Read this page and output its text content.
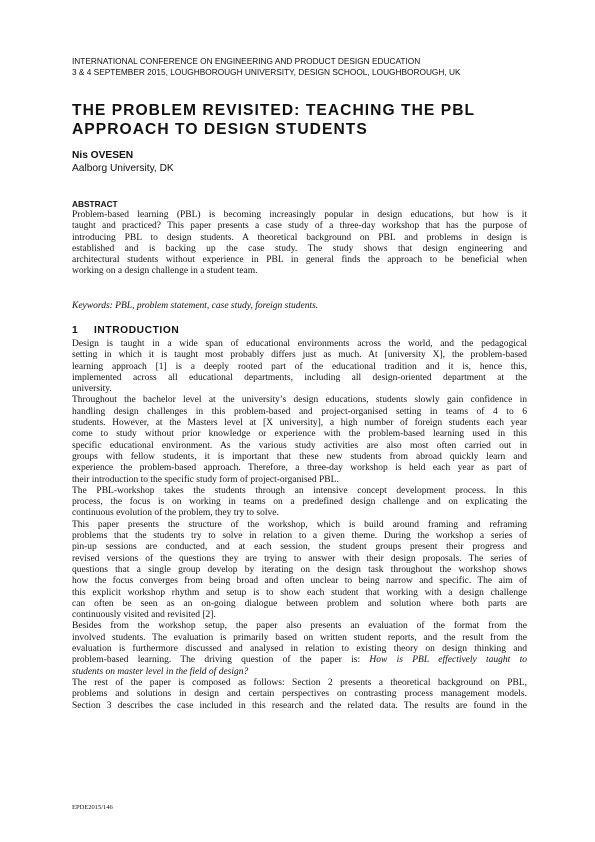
INTERNATIONAL CONFERENCE ON ENGINEERING AND PRODUCT DESIGN EDUCATION
3 & 4 SEPTEMBER 2015, LOUGHBOROUGH UNIVERSITY, DESIGN SCHOOL, LOUGHBOROUGH, UK
THE PROBLEM REVISITED: TEACHING THE PBL
APPROACH TO DESIGN STUDENTS
Nis OVESEN
Aalborg University, DK
ABSTRACT
Problem-based learning (PBL) is becoming increasingly popular in design educations, but how is it
taught and practiced? This paper presents a case study of a three-day workshop that has the purpose of
introducing PBL to design students. A theoretical background on PBL and problems in design is
established and is backing up the case study. The study shows that design engineering and
architectural students without experience in PBL in general finds the approach to be beneficial when
working on a design challenge in a student team.
Keywords: PBL, problem statement, case study, foreign students.
1 INTRODUCTION
Design is taught in a wide span of educational environments across the world, and the pedagogical
setting in which it is taught most probably differs just as much. At [university X], the problem-based
learning approach [1] is a deeply rooted part of the educational tradition and it is, hence this,
implemented across all educational departments, including all design-oriented department at the
university.
Throughout the bachelor level at the university’s design educations, students slowly gain confidence in
handling design challenges in this problem-based and project-organised setting in teams of 4 to 6
students. However, at the Masters level at [X university], a high number of foreign students each year
come to study without prior knowledge or experience with the problem-based learning used in this
specific educational environment. As the various study activities are also most often carried out in
groups with fellow students, it is important that these new students from abroad quickly learn and
experience the problem-based approach. Therefore, a three-day workshop is held each year as part of
their introduction to the specific study form of project-organised PBL.
The PBL-workshop takes the students through an intensive concept development process. In this
process, the focus is on working in teams on a predefined design challenge and on explicating the
continuous evolution of the problem, they try to solve.
This paper presents the structure of the workshop, which is build around framing and reframing
problems that the students try to solve in relation to a given theme. During the workshop a series of
pin-up sessions are conducted, and at each session, the student groups present their progress and
revised versions of the questions they are trying to answer with their design proposals. The series of
questions that a single group develop by iterating on the design task throughout the workshop shows
how the focus converges from being broad and often unclear to being narrow and specific. The aim of
this explicit workshop rhythm and setup is to show each student that working with a design challenge
can often be seen as an on-going dialogue between problem and solution where both parts are
continuously visited and revisited [2].
Besides from the workshop setup, the paper also presents an evaluation of the format from the
involved students. The evaluation is primarily based on written student reports, and the result from the
evaluation is furthermore discussed and analysed in relation to existing theory on design thinking and
problem-based learning. The driving question of the paper is: How is PBL effectively taught to
students on master level in the field of design?
The rest of the paper is composed as follows: Section 2 presents a theoretical background on PBL,
problems and solutions in design and certain perspectives on contrasting process management models.
Section 3 describes the case included in this research and the related data. The results are found in the
EPDE2015/146
